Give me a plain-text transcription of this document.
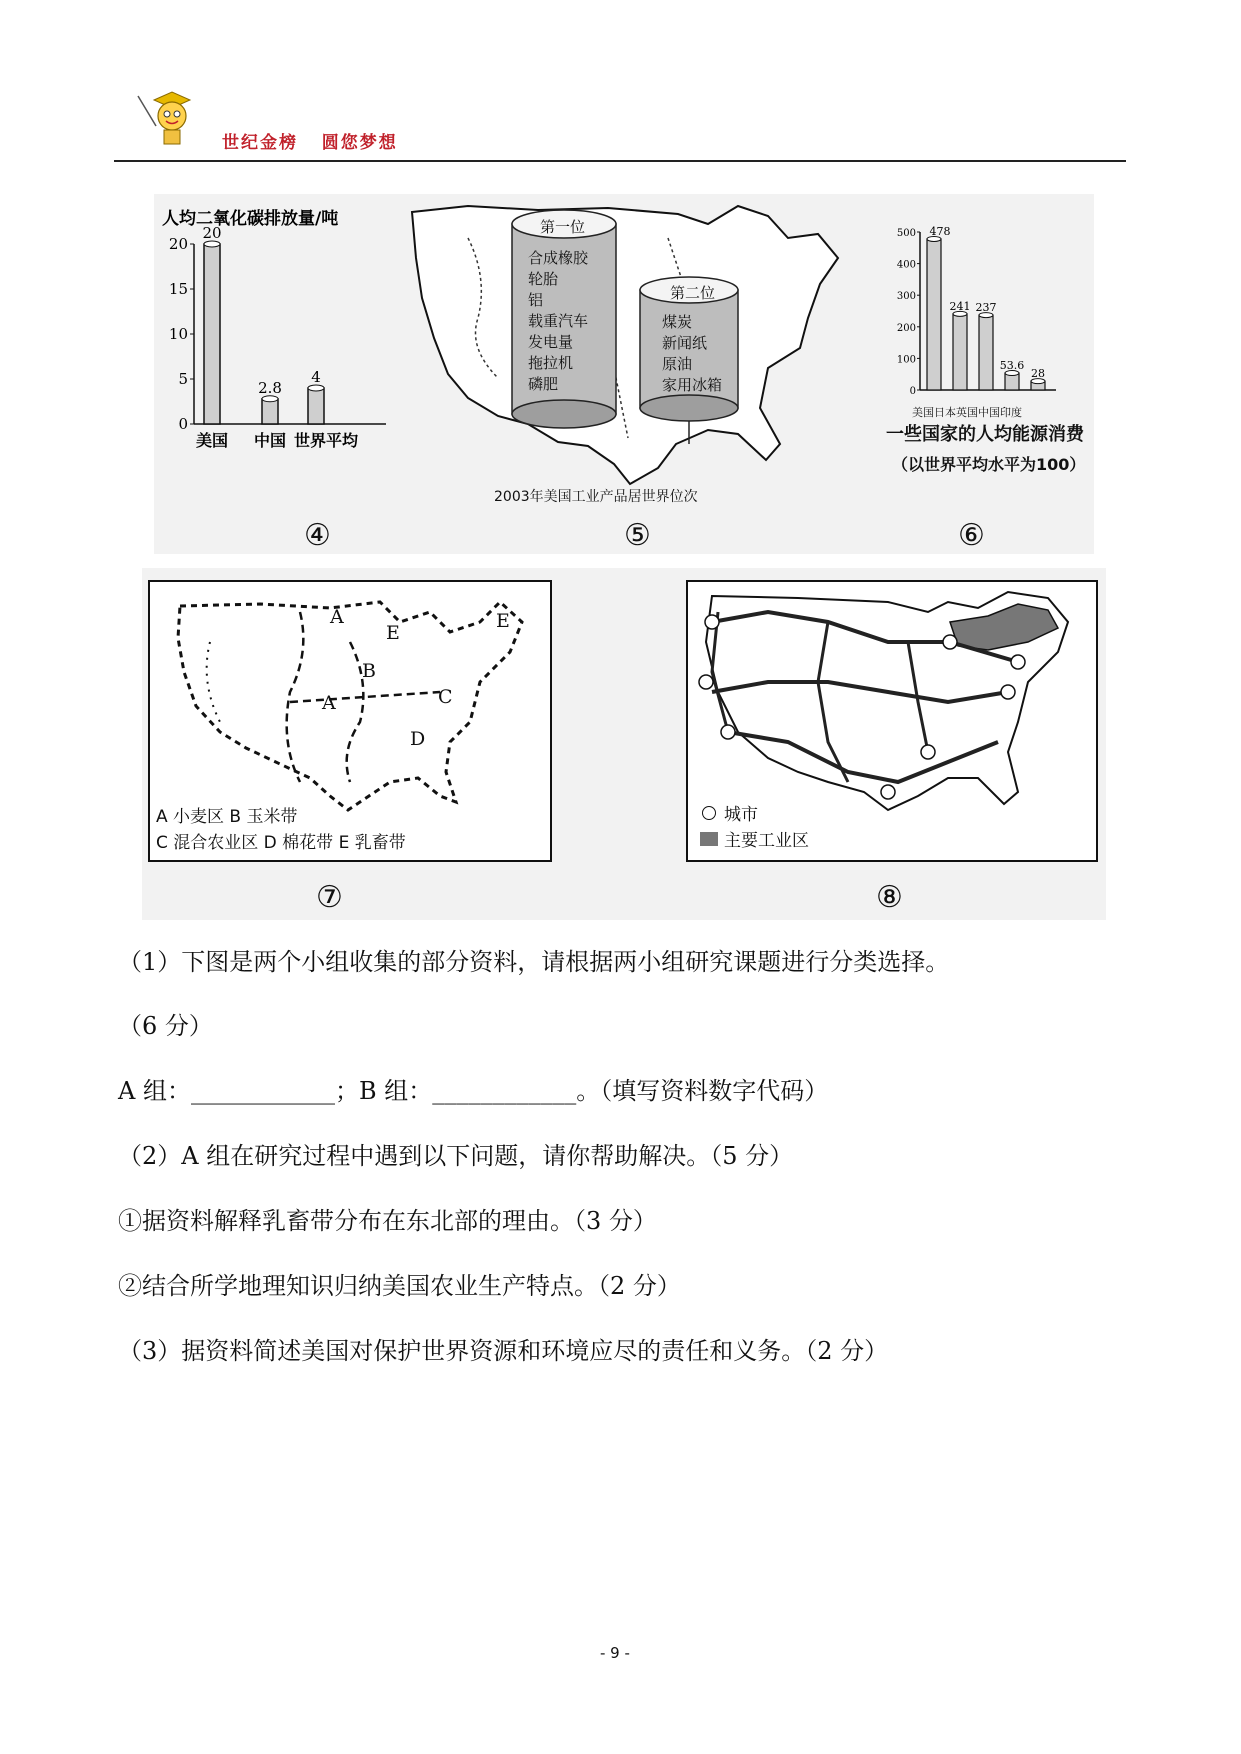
世纪金榜   圆您梦想
人均二氧化碳排放量/吨
0
5
10
15
20
20
美国
2.8
中国
4
世界平均
④
第一位
合成橡胶
轮胎
铝
载重汽车
发电量
拖拉机
磷肥
第二位
煤炭
新闻纸
原油
家用冰箱
2003年美国工业产品居世界位次
⑤
0
100
200
300
400
500 478
241 237
53.6
28
美国日本英国中国印度
一些国家的人均能源消费
（以世界平均水平为100）
⑥
A
E
B
A	C
D
E
A 小麦区 B 玉米带
C 混合农业区 D 棉花带 E 乳畜带
⑦
城市
主要工业区
⑧
（1）下图是两个小组收集的部分资料，请根据两小组研究课题进行分类选择。
（6 分）
A 组：____________；B 组：____________。（填写资料数字代码）
（2）A 组在研究过程中遇到以下问题，请你帮助解决。（5 分）
①据资料解释乳畜带分布在东北部的理由。（3 分）
②结合所学地理知识归纳美国农业生产特点。（2 分）
（3）据资料简述美国对保护世界资源和环境应尽的责任和义务。（2 分）
- 9 -
